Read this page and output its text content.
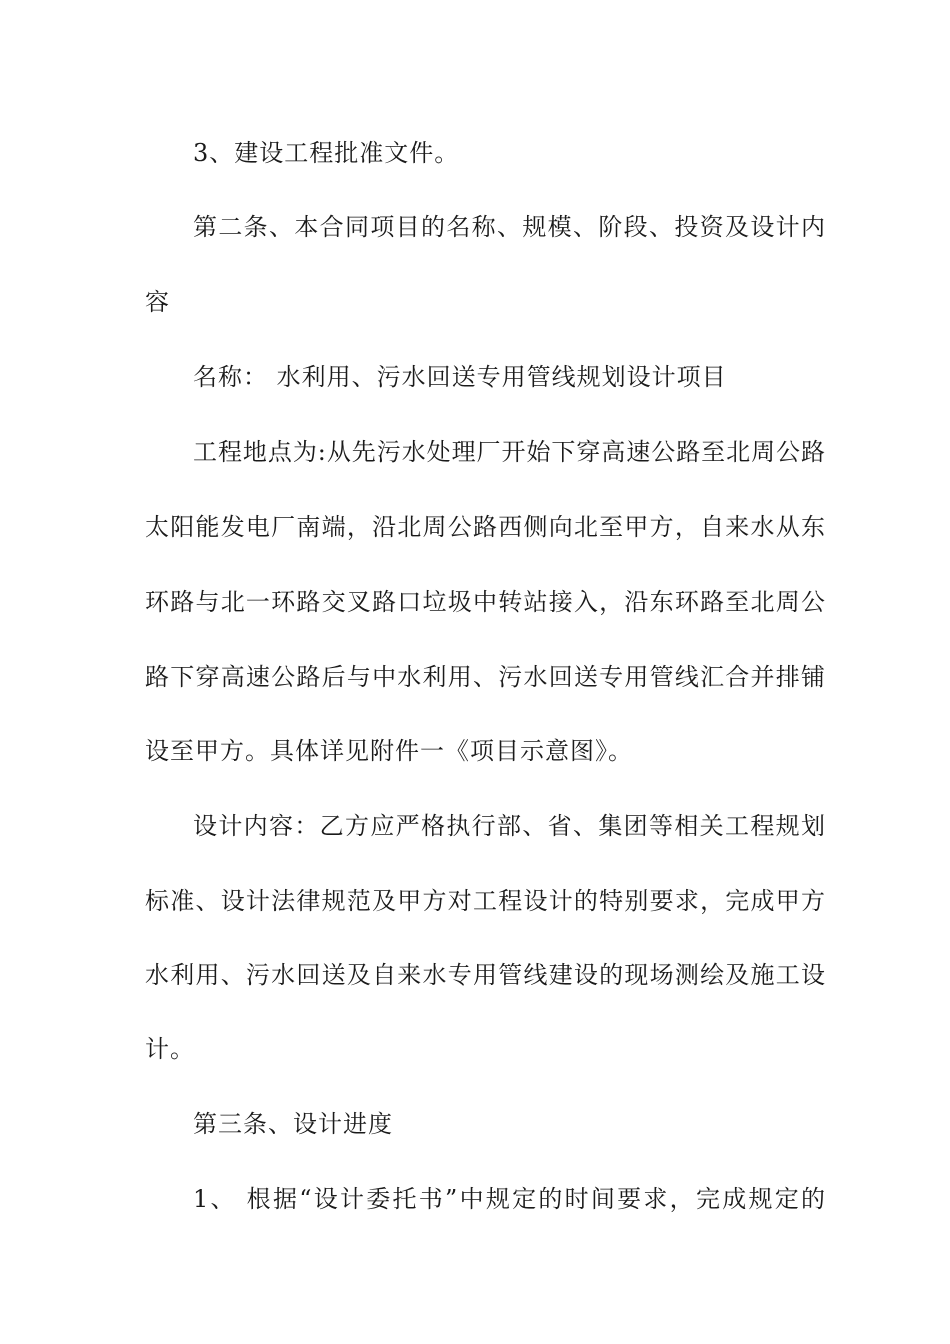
3、建设工程批准文件。
第二条、本合同项目的名称、规模、阶段、投资及设计内
容
名称： 水利用、污水回送专用管线规划设计项目
工程地点为:从先污水处理厂开始下穿高速公路至北周公路
太阳能发电厂南端，沿北周公路西侧向北至甲方，自来水从东
环路与北一环路交叉路口垃圾中转站接入，沿东环路至北周公
路下穿高速公路后与中水利用、污水回送专用管线汇合并排铺
设至甲方。具体详见附件一《项目示意图》。
设计内容：乙方应严格执行部、省、集团等相关工程规划
标准、设计法律规范及甲方对工程设计的特别要求，完成甲方
水利用、污水回送及自来水专用管线建设的现场测绘及施工设
计。
第三条、设计进度
1、 根据“设计委托书”中规定的时间要求，完成规定的
